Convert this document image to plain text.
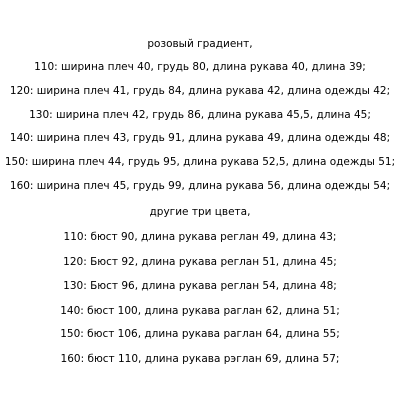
розовый градиент,
110: ширина плеч 40, грудь 80, длина рукава 40, длина 39;
120: ширина плеч 41, грудь 84, длина рукава 42, длина одежды 42;
130: ширина плеч 42, грудь 86, длина рукава 45,5, длина 45;
140: ширина плеч 43, грудь 91, длина рукава 49, длина одежды 48;
150: ширина плеч 44, грудь 95, длина рукава 52,5, длина одежды 51;
160: ширина плеч 45, грудь 99, длина рукава 56, длина одежды 54;
другие три цвета,
110: бюст 90, длина рукава реглан 49, длина 43;
120: Бюст 92, длина рукава реглан 51, длина 45;
130: Бюст 96, длина рукава реглан 54, длина 48;
140: бюст 100, длина рукава раглан 62, длина 51;
150: бюст 106, длина рукава раглан 64, длина 55;
160: бюст 110, длина рукава рэглан 69, длина 57;
